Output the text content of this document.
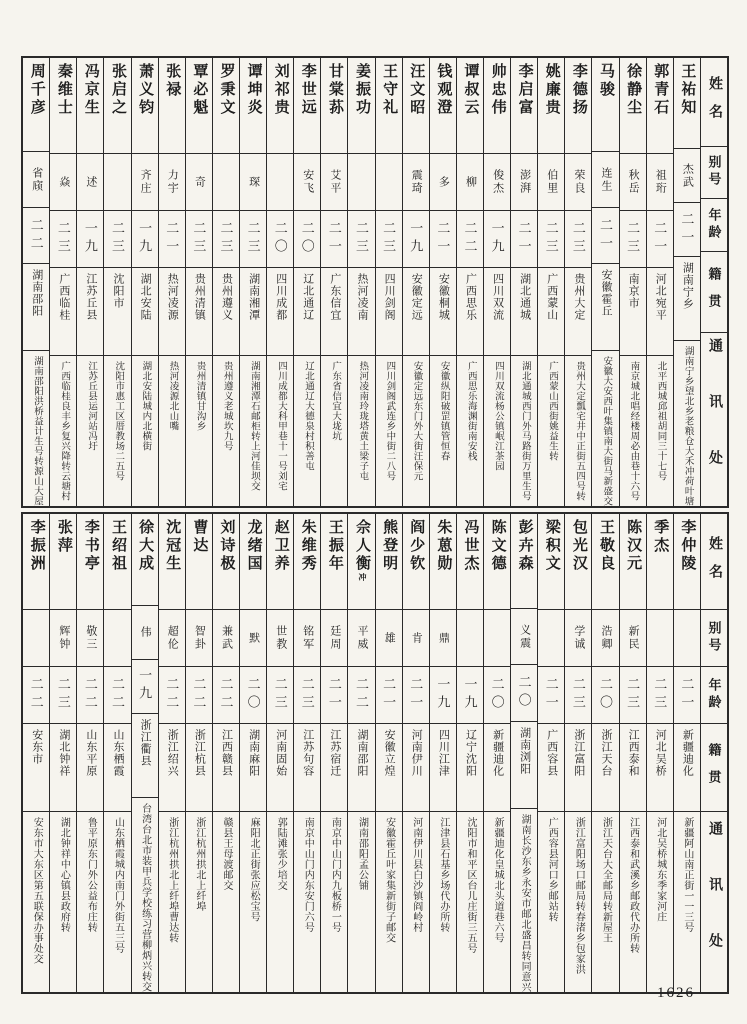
姓名
别号
年龄
籍贯
通讯处
王祐知
杰武
二一
湖南宁乡
湖南宁乡望北乡老粮仓大禾冲荷叶塘
郭青石
祖珩
二一
河北宛平
北平西城邱祖胡同三十七号
徐静尘
秋岳
二三
南京市
南京城北唱经楼周必由巷十六号
马骏
连生
二一
安徽霍丘
安徽大安西叶集镇南大街马新盛交
李德扬
荣良
二三
贵州大定
贵州大定瓢宅井中正街五四号转
姚廉贵
伯里
二三
广西蒙山
广西蒙山西街姚益生转
李启富
澎湃
二一
湖北通城
湖北通城西门外马路街万里生号
帅忠伟
俊杰
一九
四川双流
四川双流杨公镇岷江茶园
谭叔云
柳
二二
广西思乐
广西思乐海渊街南安栈
钱观澄
多
二一
安徽桐城
安徽纵阳破罡镇管恒春
汪文昭
震琦
一九
安徽定远
安徽定远东门外大街汪保元
王守礼
二三
四川剑阁
四川剑阁武连乡中街二八号
姜振功
二三
热河凌南
热河凌南玲珑塔黄土梁子屯
甘棠荪
艾平
二一
广东信宜
广东省信宜大垅坑
李世远
安飞
二〇
辽北通辽
辽北通辽大德泉村积善屯
刘祁贵
二〇
四川成都
四川成都大科甲巷十一号刘宅
谭坤炎
琛
二三
湖南湘潭
湖南湘潭石邮柜转上河佳坝交
罗秉文
二三
贵州遵义
贵州遵义老城坎九号
覃必魁
奇
二三
贵州清镇
贵州清镇甘沟乡
张禄
力宇
二一
热河凌源
热河凌源北山嘴
萧义钧
齐庄
一九
湖北安陆
湖北安陆城内北横街
张启之
二三
沈阳市
沈阳市惠工区厝教场二五号
冯京生
述
一九
江苏丘县
江苏丘县运河站冯圩
秦维士
焱
二三
广西临桂
广西临桂良丰乡复兴降转云塘村
周千彦
省庼
二二
湖南邵阳
湖南邵阳洪桥益计生号转源山大屋
姓名
别号
年龄
籍贯
通讯处
李仲陵
二一
新疆迪化
新疆阿山南正街一一三号
季杰
二三
河北吴桥
河北吴桥城东季家河庄
陈汉元
新民
二三
江西泰和
江西泰和武溪乡邮政代办所转
王敬良
浩卿
二〇
浙江天台
浙江天台大全邮局转新屋王
包光汉
学诚
二三
浙江富阳
浙江富阳场口邮局转春渚乡包家洪
梁积文
二一
广西容县
广西容县河口乡邮站转
彭卉森
义震
二〇
湖南浏阳
湖南长沙东乡永安市邮北盛昌转同意兴
陈文德
二〇
新疆迪化
新疆迪化皇城北头道巷六号
冯世杰
一九
辽宁沈阳
沈阳市和平区台儿庄街三五号
朱葸勋
鼎
一九
四川江津
江津县石基乡场代办所转
阎少钦
肯
二一
河南伊川
河南伊川县白沙镇阎岭村
熊登明
雄
二一
安徽立煌
安徽霍丘叶家集新街子邮交
佘人衡冲
平威
二二
湖南邵阳
湖南邵阳孟公铺
王振年
廷周
二一
江苏宿迁
南京中山门内九板桥一号
朱维秀
铭军
二三
江苏句容
南京中山门内东安门六号
赵卫养
世教
二三
河南固始
郭陆滩张少培交
龙绪国
默
二〇
湖南麻阳
麻阳北正街张应松宝号
刘诗极
兼武
二二
江西赣县
赣县王母渡邮交
曹达
智卦
二二
浙江杭县
浙江杭州拱北上纤埠
沈冠生
超伦
二二
浙江绍兴
浙江杭州拱北上纤埠曹达转
徐大成
伟
一九
浙江衢县
台湾台北市装甲兵学校练习营柳炳兴转交
王绍祖
二二
山东栖霞
山东栖霞城内南门外街五三号
李书亭
敬三
二二
山东平原
鲁平原东门外公益布庄转
张萍
辉钟
二三
湖北钟祥
湖北钟祥中心镇县政府转
李振洲
二二
安东市
安东市大东区第五联保办事处交
1626
